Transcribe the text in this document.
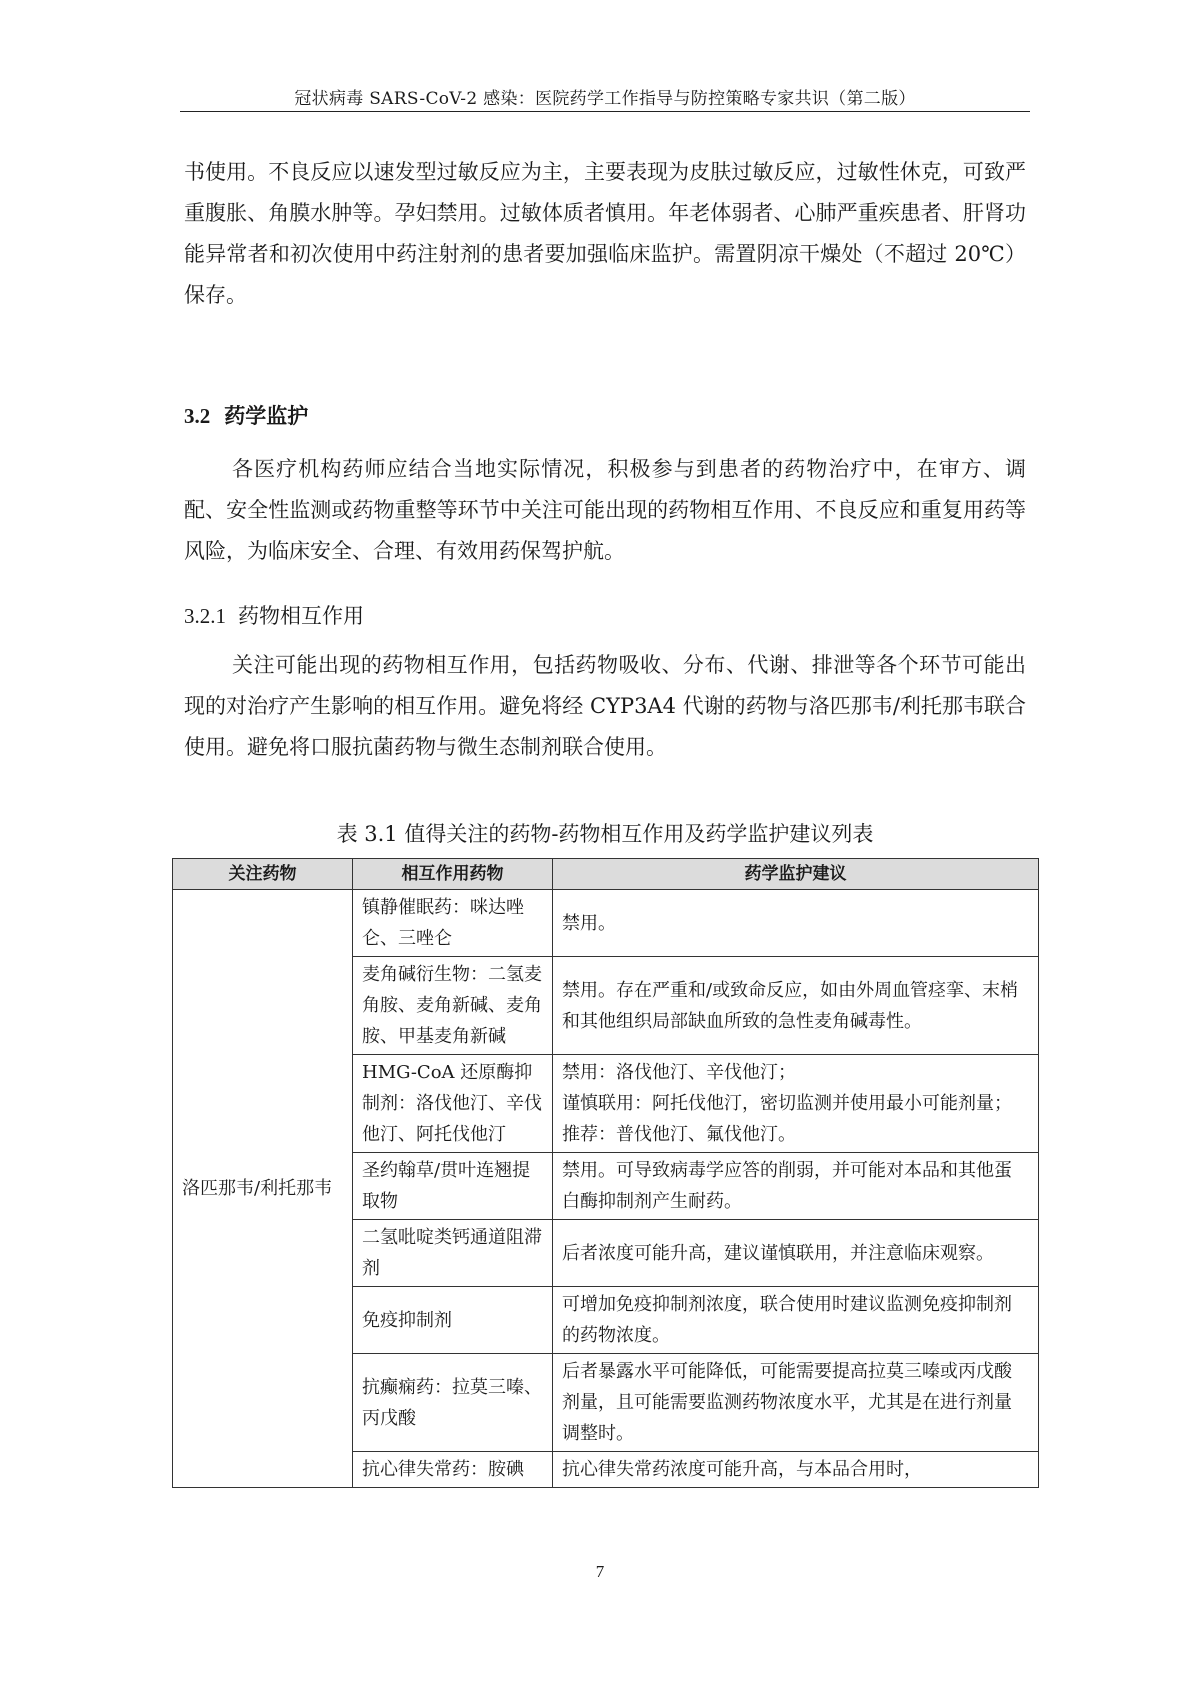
冠状病毒 SARS-CoV-2 感染：医院药学工作指导与防控策略专家共识（第二版）
书使用。不良反应以速发型过敏反应为主，主要表现为皮肤过敏反应，过敏性休克，可致严重腹胀、角膜水肿等。孕妇禁用。过敏体质者慎用。年老体弱者、心肺严重疾患者、肝肾功能异常者和初次使用中药注射剂的患者要加强临床监护。需置阴凉干燥处（不超过 20℃）保存。
3.2 药学监护
各医疗机构药师应结合当地实际情况，积极参与到患者的药物治疗中，在审方、调配、安全性监测或药物重整等环节中关注可能出现的药物相互作用、不良反应和重复用药等风险，为临床安全、合理、有效用药保驾护航。
3.2.1 药物相互作用
关注可能出现的药物相互作用，包括药物吸收、分布、代谢、排泄等各个环节可能出现的对治疗产生影响的相互作用。避免将经 CYP3A4 代谢的药物与洛匹那韦/利托那韦联合使用。避免将口服抗菌药物与微生态制剂联合使用。
表 3.1 值得关注的药物-药物相互作用及药学监护建议列表
关注药物	相互作用药物	药学监护建议
洛匹那韦/利托那韦	镇静催眠药：咪达唑仑、三唑仑	禁用。

	麦角碱衍生物：二氢麦角胺、麦角新碱、麦角胺、甲基麦角新碱	禁用。存在严重和/或致命反应，如由外周血管痉挛、末梢和其他组织局部缺血所致的急性麦角碱毒性。

	HMG-CoA 还原酶抑制剂：洛伐他汀、辛伐他汀、阿托伐他汀	禁用：洛伐他汀、辛伐他汀；
谨慎联用：阿托伐他汀，密切监测并使用最小可能剂量；
推荐：普伐他汀、氟伐他汀。

	圣约翰草/贯叶连翘提取物	禁用。可导致病毒学应答的削弱，并可能对本品和其他蛋白酶抑制剂产生耐药。

	二氢吡啶类钙通道阻滞剂	后者浓度可能升高，建议谨慎联用，并注意临床观察。

	免疫抑制剂	可增加免疫抑制剂浓度，联合使用时建议监测免疫抑制剂的药物浓度。

	抗癫痫药：拉莫三嗪、丙戊酸	后者暴露水平可能降低，可能需要提高拉莫三嗪或丙戊酸剂量，且可能需要监测药物浓度水平，尤其是在进行剂量调整时。

	抗心律失常药：胺碘	抗心律失常药浓度可能升高，与本品合用时，
7
